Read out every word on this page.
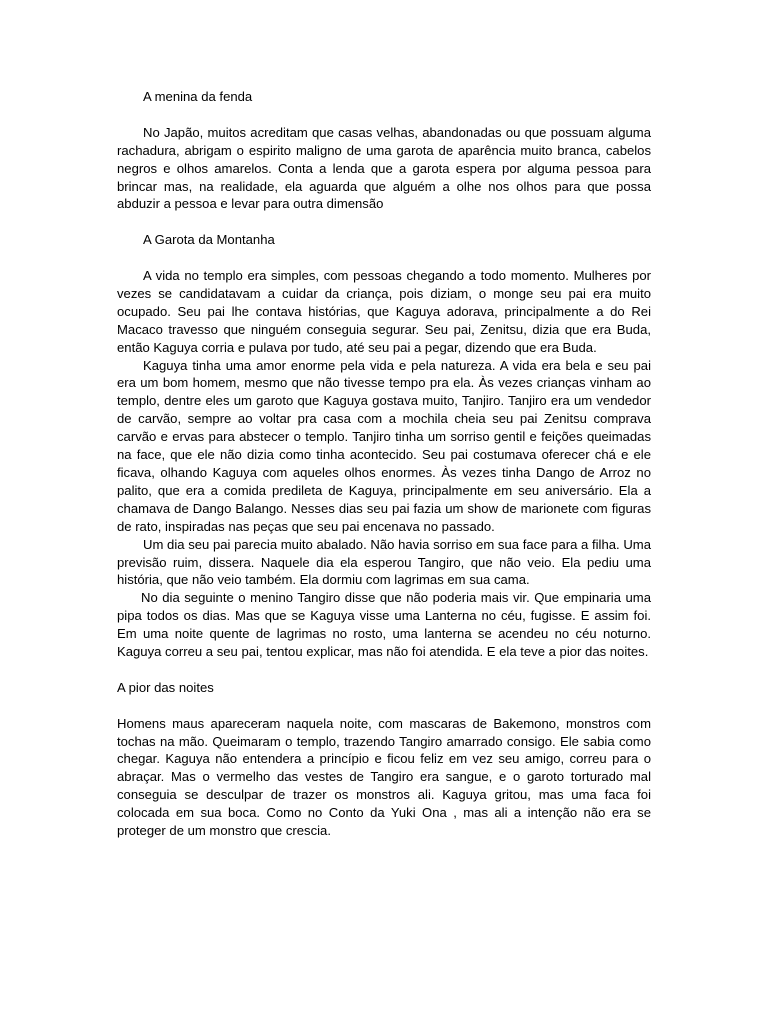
A menina da fenda

No Japão, muitos acreditam que casas velhas, abandonadas ou que possuam alguma rachadura, abrigam o espirito maligno de uma garota de aparência muito branca, cabelos negros e olhos amarelos. Conta a lenda que a garota espera por alguma pessoa para brincar mas, na realidade, ela aguarda que alguém a olhe nos olhos para que possa abduzir a pessoa e levar para outra dimensão

A Garota da Montanha

A vida no templo era simples, com pessoas chegando a todo momento. Mulheres por vezes se candidatavam a cuidar da criança, pois diziam, o monge seu pai era muito ocupado. Seu pai lhe contava histórias, que Kaguya adorava, principalmente a do Rei Macaco travesso que ninguém conseguia segurar. Seu pai, Zenitsu, dizia que era Buda, então Kaguya corria e pulava por tudo, até seu pai a pegar, dizendo que era Buda.

Kaguya tinha uma amor enorme pela vida e pela natureza. A vida era bela e seu pai era um bom homem, mesmo que não tivesse tempo pra ela. Às vezes crianças vinham ao templo, dentre eles um garoto que Kaguya gostava muito, Tanjiro. Tanjiro era um vendedor de carvão, sempre ao voltar pra casa com a mochila cheia seu pai Zenitsu comprava carvão e ervas para abstecer o templo. Tanjiro tinha um sorriso gentil e feições queimadas na face, que ele não dizia como tinha acontecido. Seu pai costumava oferecer chá e ele ficava, olhando Kaguya com aqueles olhos enormes. Às vezes tinha Dango de Arroz no palito, que era a comida predileta de Kaguya, principalmente em seu aniversário. Ela a chamava de Dango Balango. Nesses dias seu pai fazia um show de marionete com figuras de rato, inspiradas nas peças que seu pai encenava no passado.

Um dia seu pai parecia muito abalado. Não havia sorriso em sua face para a filha. Uma previsão ruim, dissera. Naquele dia ela esperou Tangiro, que não veio. Ela pediu uma história, que não veio também. Ela dormiu com lagrimas em sua cama.

No dia seguinte o menino Tangiro disse que não poderia mais vir. Que empinaria uma pipa todos os dias. Mas que se Kaguya visse uma Lanterna no céu, fugisse. E assim foi. Em uma noite quente de lagrimas no rosto, uma lanterna se acendeu no céu noturno. Kaguya correu a seu pai, tentou explicar, mas não foi atendida. E ela teve a pior das noites.

A pior das noites

Homens maus apareceram naquela noite, com mascaras de Bakemono, monstros com tochas na mão. Queimaram o templo, trazendo Tangiro amarrado consigo. Ele sabia como chegar. Kaguya não entendera a princípio e ficou feliz em vez seu amigo, correu para o abraçar. Mas o vermelho das vestes de Tangiro era sangue, e o garoto torturado mal conseguia se desculpar de trazer os monstros ali. Kaguya gritou, mas uma faca foi colocada em sua boca. Como no Conto da Yuki Ona , mas ali a intenção não era se proteger de um monstro que crescia.
